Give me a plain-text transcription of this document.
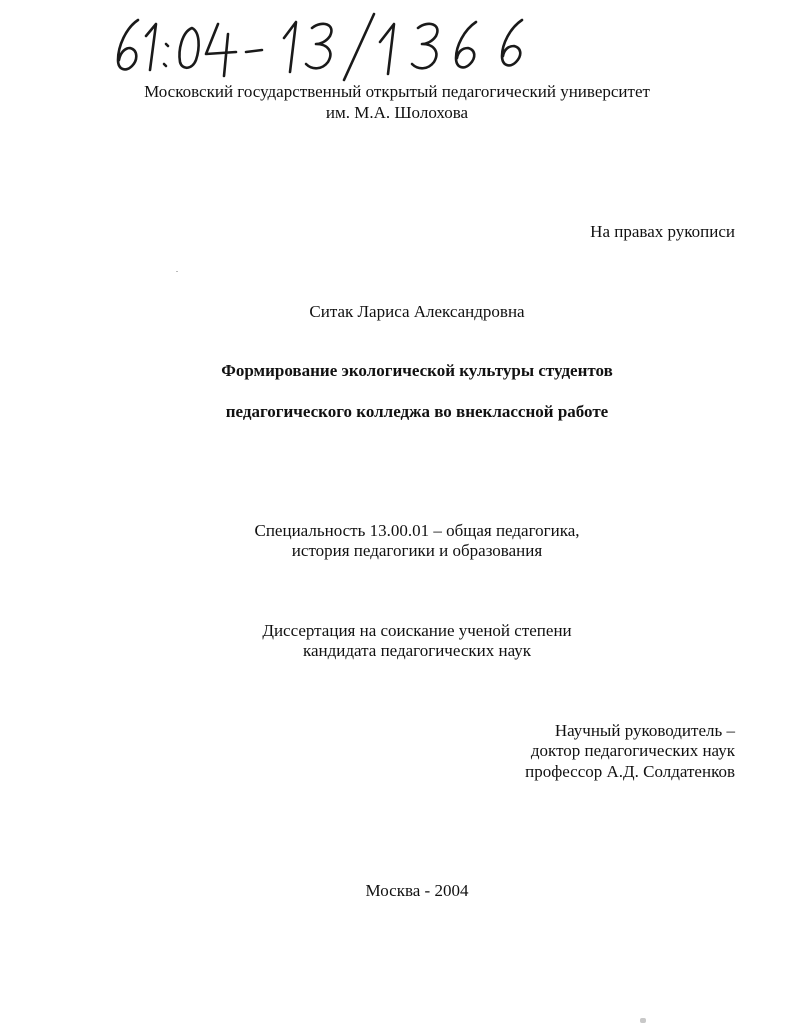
Московский государственный открытый педагогический университет
им. М.А. Шолохова
На правах рукописи
Ситак Лариса Александровна
Формирование экологической культуры студентов
педагогического колледжа во внеклассной работе
Специальность 13.00.01 – общая педагогика,
история педагогики и образования
Диссертация на соискание ученой степени
кандидата педагогических наук
Научный руководитель –
доктор педагогических наук
профессор А.Д. Солдатенков
Москва - 2004
